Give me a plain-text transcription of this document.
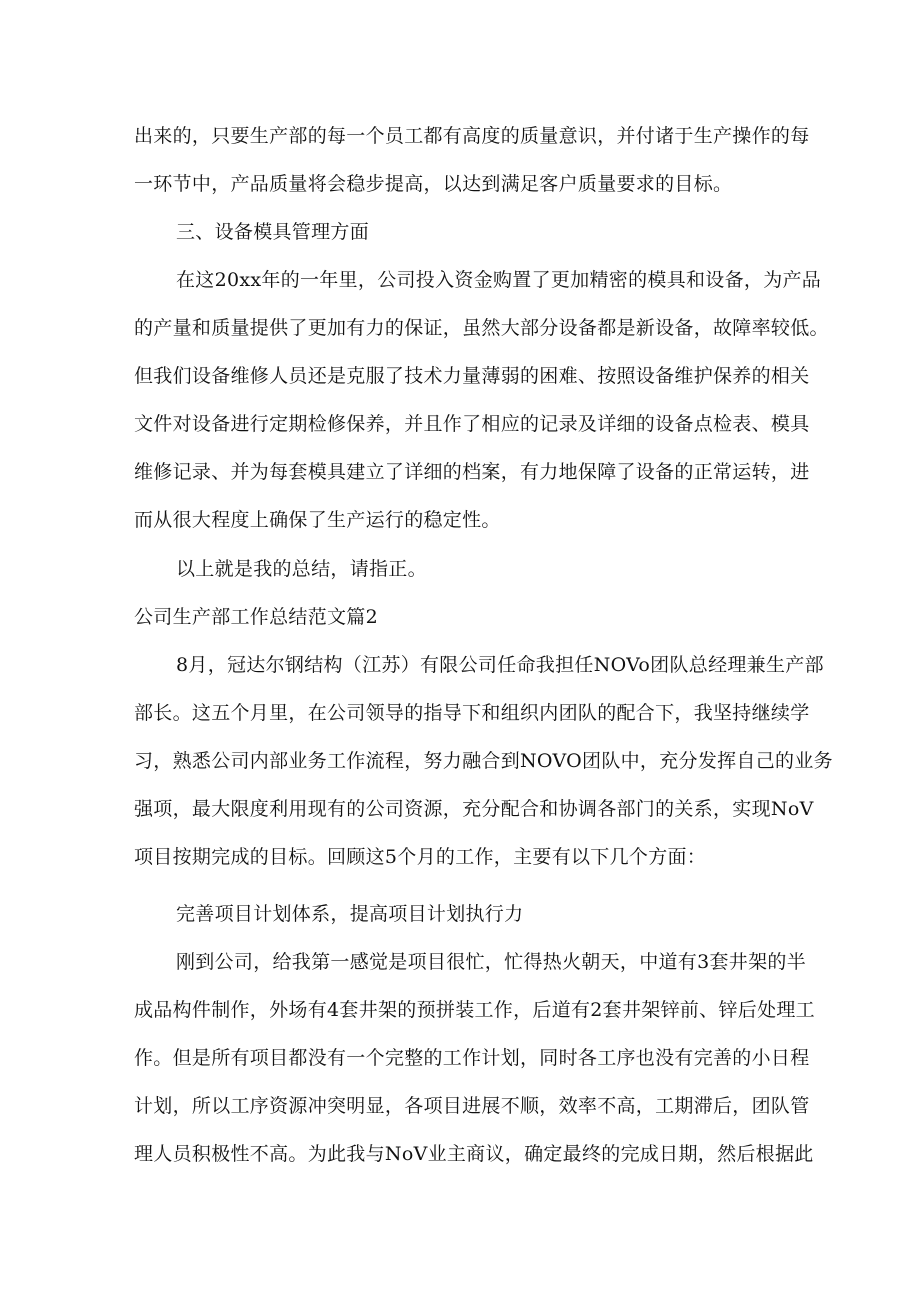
出来的，只要生产部的每一个员工都有高度的质量意识，并付诸于生产操作的每
一环节中，产品质量将会稳步提高，以达到满足客户质量要求的目标。
三、设备模具管理方面
在这20xx年的一年里，公司投入资金购置了更加精密的模具和设备，为产品
的产量和质量提供了更加有力的保证，虽然大部分设备都是新设备，故障率较低。
但我们设备维修人员还是克服了技术力量薄弱的困难、按照设备维护保养的相关
文件对设备进行定期检修保养，并且作了相应的记录及详细的设备点检表、模具
维修记录、并为每套模具建立了详细的档案，有力地保障了设备的正常运转，进
而从很大程度上确保了生产运行的稳定性。
以上就是我的总结，请指正。
公司生产部工作总结范文篇2
8月，冠达尔钢结构（江苏）有限公司任命我担任NOVo团队总经理兼生产部
部长。这五个月里，在公司领导的指导下和组织内团队的配合下，我坚持继续学
习，熟悉公司内部业务工作流程，努力融合到NOVO团队中，充分发挥自己的业务
强项，最大限度利用现有的公司资源，充分配合和协调各部门的关系，实现NoV
项目按期完成的目标。回顾这5个月的工作，主要有以下几个方面：
完善项目计划体系，提高项目计划执行力
刚到公司，给我第一感觉是项目很忙，忙得热火朝天，中道有3套井架的半
成品构件制作，外场有4套井架的预拼装工作，后道有2套井架锌前、锌后处理工
作。但是所有项目都没有一个完整的工作计划，同时各工序也没有完善的小日程
计划，所以工序资源冲突明显，各项目进展不顺，效率不高，工期滞后，团队管
理人员积极性不高。为此我与NoV业主商议，确定最终的完成日期，然后根据此
